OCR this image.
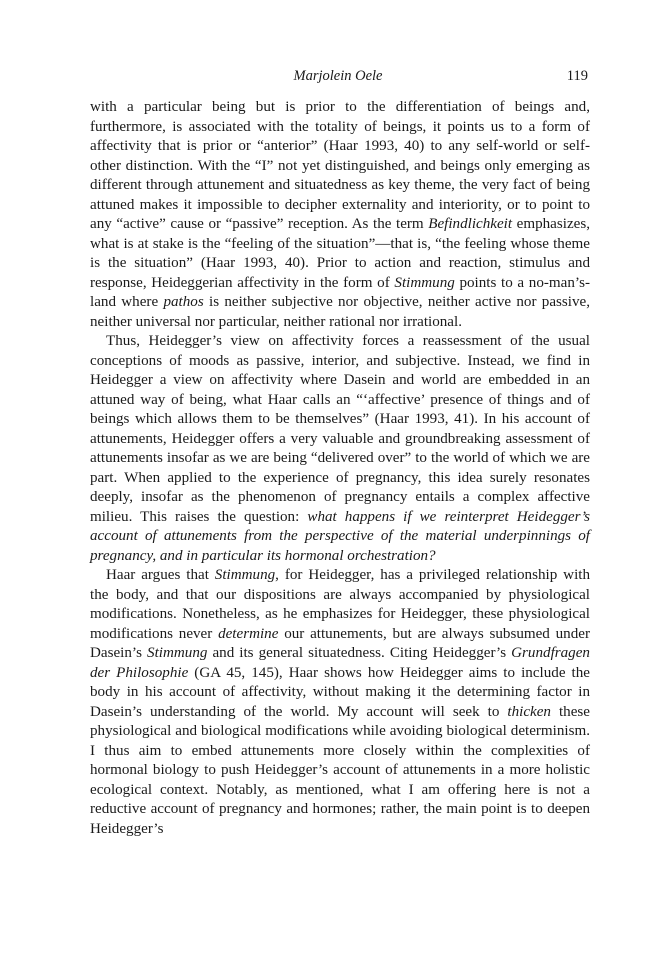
Marjolein Oele	119

with a particular being but is prior to the differentiation of beings and, furthermore, is associated with the totality of beings, it points us to a form of affectivity that is prior or “anterior” (Haar 1993, 40) to any self-world or self-other distinction. With the “I” not yet distinguished, and beings only emerging as different through attunement and situatedness as key theme, the very fact of being attuned makes it impossible to decipher externality and interiority, or to point to any “active” cause or “passive” reception. As the term Befindlichkeit emphasizes, what is at stake is the “feeling of the situation”—that is, “the feeling whose theme is the situation” (Haar 1993, 40). Prior to action and reaction, stimulus and response, Heideggerian affectivity in the form of Stimmung points to a no-man’s-land where pathos is neither subjective nor objective, neither active nor passive, neither universal nor particular, neither rational nor irrational.

Thus, Heidegger’s view on affectivity forces a reassessment of the usual conceptions of moods as passive, interior, and subjective. Instead, we find in Heidegger a view on affectivity where Dasein and world are embedded in an attuned way of being, what Haar calls an “‘affective’ presence of things and of beings which allows them to be themselves” (Haar 1993, 41). In his account of attunements, Heidegger offers a very valuable and groundbreaking assessment of attunements insofar as we are being “delivered over” to the world of which we are part. When applied to the experience of pregnancy, this idea surely resonates deeply, insofar as the phenomenon of pregnancy entails a complex affective milieu. This raises the question: what happens if we reinterpret Heidegger’s account of attunements from the perspective of the material underpinnings of pregnancy, and in particular its hormonal orchestration?

Haar argues that Stimmung, for Heidegger, has a privileged relationship with the body, and that our dispositions are always accompanied by physiological modifications. Nonetheless, as he emphasizes for Heidegger, these physiological modifications never determine our attunements, but are always subsumed under Dasein’s Stimmung and its general situatedness. Citing Heidegger’s Grundfragen der Philosophie (GA 45, 145), Haar shows how Heidegger aims to include the body in his account of affectivity, without making it the determining factor in Dasein’s understanding of the world. My account will seek to thicken these physiological and biological modifications while avoiding biological determinism. I thus aim to embed attunements more closely within the complexities of hormonal biology to push Heidegger’s account of attunements in a more holistic ecological context. Notably, as mentioned, what I am offering here is not a reductive account of pregnancy and hormones; rather, the main point is to deepen Heidegger’s
